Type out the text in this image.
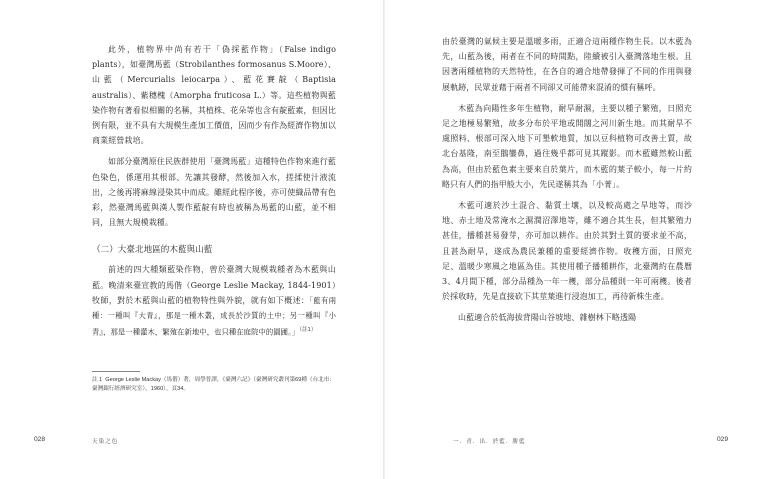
此外，植物界中尚有若干「偽採藍作物」（False indigo plants），如臺灣馬藍（Strobilanthes formosanus S.Moore）、山藍（Mercurialis leiocarpa）、藍花賽靛（Baptisia australis）、紫穗槐（Amorpha fruticosa L.）等。這些植物與藍染作物有著看似相關的名稱，其植株、花朵等也含有靛藍素，但因比例有限，並不具有大規模生產加工價值，因而少有作為經濟作物加以商業經營栽培。

如部分臺灣原住民族群使用「臺灣馬藍」這種特色作物來進行藍色染色，係運用其根部、先讓其發酵，然後加入水，搓揉使汁液流出，之後再將麻線浸染其中而成。雖經此程序後，亦可使織品帶有色彩，然臺灣馬藍與漢人製作藍靛有時也被稱為馬藍的山藍，並不相同，且無大規模栽種。

（二）大臺北地區的木藍與山藍

前述的四大種類藍染作物，曾於臺灣大規模栽種者為木藍與山藍。晚清來臺宣教的馬偕（George Leslie Mackay, 1844-1901）牧師，對於木藍與山藍的植物特性與外貌，就有如下概述：「藍有兩種：一種叫『大青』，那是一種木叢，成長於沙質的土中；另一種叫『小青』，那是一種灌木，繁殖在新地中，也只種在庭院中的園圃。」$^{(註1)}$

註 1 George Leslie Mackay（馬偕）著，周學普譯，《臺灣六記》（臺灣研究叢刊第69種（台北市：臺灣銀行經濟研究室），1960），頁34。
028	天染之色

由於臺灣的氣候主要是溫暖多雨，正適合這兩種作物生長。以木藍為先，山藍為後，兩者在不同的時間點，陸續被引入臺灣落地生根。且因著兩種植物的天然特性，在各自的適合地帶發揮了不同的作用與發展軌跡，民眾並藉于兩者不同卻又可能帶來混淆的慣有稱呼。

木藍為向陽性多年生植物，耐旱耐濕，主要以種子繁殖，日照充足之地極易繁殖，故多分布於平地或開闊之河川新生地。而其耐旱不虞照料、根部可深入地下可墾軟地質，加以豆科植物可改善土質，故北台基隆，南至鵝鑾鼻，過往幾乎都可見其蹤影。而木藍雖然較山藍為高，但由於藍色素主要來自於葉片，而木藍的葉子較小，每一片約略只有人們的指甲般大小，先民遂稱其為「小菁」。

木藍可適於沙土混合、黏質土壤，以及較高處之旱地等，而沙地、赤土地及常淹水之濕潤沼澤地等，雖不適合其生長，但其繁殖力甚佳，播種甚易發芽，亦可加以耕作。由於其對土質的要求並不高，且甚為耐旱，遂成為農民兼種的重要經濟作物。收穫方面，日照充足、溫暖少寒風之地區為佳。其使用種子播種耕作，北臺灣約在農曆3、4月間下種，部分品種為一年一穫，部分品種則一年可兩穫。後者於採收時，先是直接砍下其莖葉進行浸泡加工，再待新株生產。

山藍適合於低海拔背陽山谷坡地、雜樹林下略透陽

一．青．出．於藍．勝藍	029
